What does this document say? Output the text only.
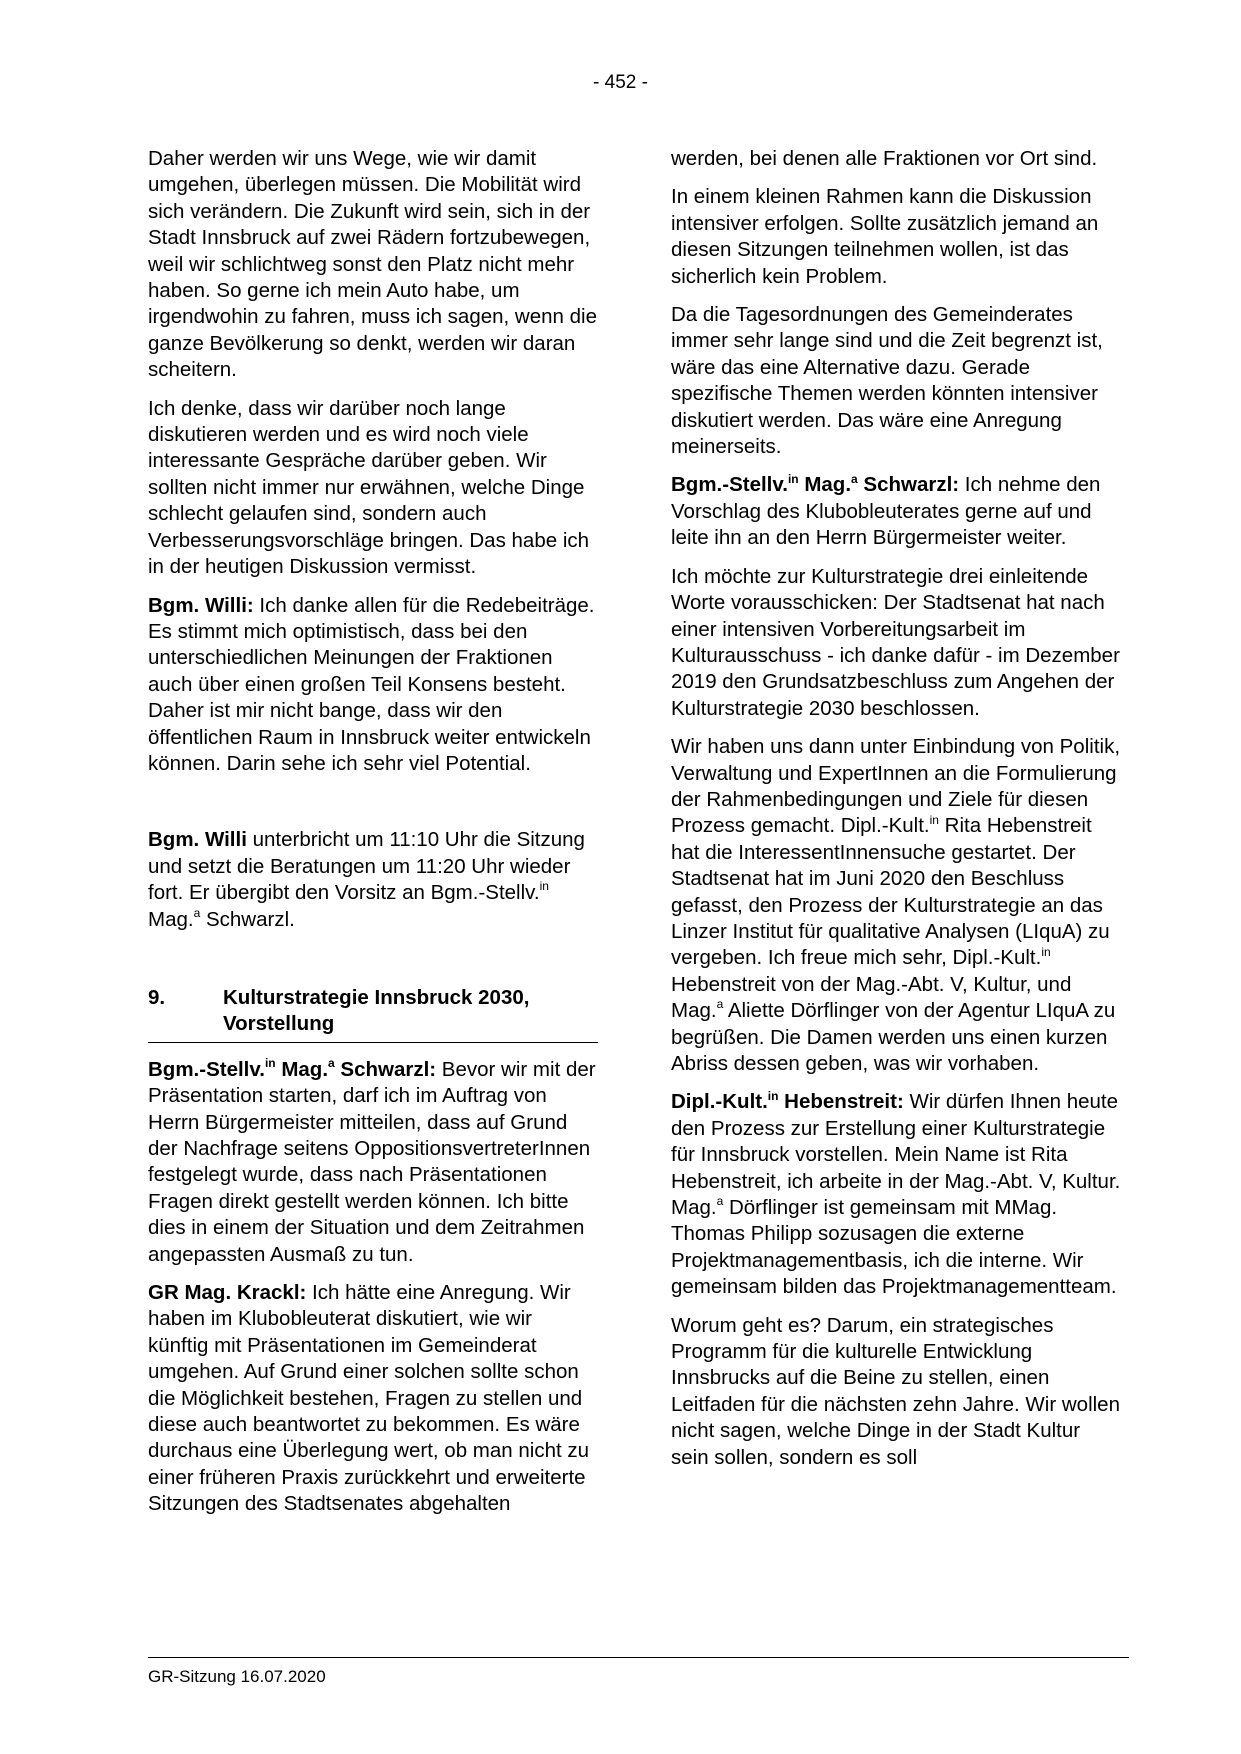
- 452 -

Daher werden wir uns Wege, wie wir damit umgehen, überlegen müssen. Die Mobilität wird sich verändern. Die Zukunft wird sein, sich in der Stadt Innsbruck auf zwei Rädern fortzubewegen, weil wir schlichtweg sonst den Platz nicht mehr haben. So gerne ich mein Auto habe, um irgendwohin zu fahren, muss ich sagen, wenn die ganze Bevölkerung so denkt, werden wir daran scheitern.

Ich denke, dass wir darüber noch lange diskutieren werden und es wird noch viele interessante Gespräche darüber geben. Wir sollten nicht immer nur erwähnen, welche Dinge schlecht gelaufen sind, sondern auch Verbesserungsvorschläge bringen. Das habe ich in der heutigen Diskussion vermisst.

Bgm. Willi: Ich danke allen für die Redebeiträge. Es stimmt mich optimistisch, dass bei den unterschiedlichen Meinungen der Fraktionen auch über einen großen Teil Konsens besteht. Daher ist mir nicht bange, dass wir den öffentlichen Raum in Innsbruck weiter entwickeln können. Darin sehe ich sehr viel Potential.

Bgm. Willi unterbricht um 11:10 Uhr die Sitzung und setzt die Beratungen um 11:20 Uhr wieder fort. Er übergibt den Vorsitz an Bgm.-Stellv.$^{in}$ Mag.$^a$ Schwarzl.

9.	Kulturstrategie Innsbruck 2030, Vorstellung

Bgm.-Stellv.$^{in}$ Mag.$^a$ Schwarzl: Bevor wir mit der Präsentation starten, darf ich im Auftrag von Herrn Bürgermeister mitteilen, dass auf Grund der Nachfrage seitens OppositionsvertreterInnen festgelegt wurde, dass nach Präsentationen Fragen direkt gestellt werden können. Ich bitte dies in einem der Situation und dem Zeitrahmen angepassten Ausmaß zu tun.

GR Mag. Krackl: Ich hätte eine Anregung. Wir haben im Klubobleuterat diskutiert, wie wir künftig mit Präsentationen im Gemeinderat umgehen. Auf Grund einer solchen sollte schon die Möglichkeit bestehen, Fragen zu stellen und diese auch beantwortet zu bekommen. Es wäre durchaus eine Überlegung wert, ob man nicht zu einer früheren Praxis zurückkehrt und erweiterte Sitzungen des Stadtsenates abgehalten

werden, bei denen alle Fraktionen vor Ort sind.

In einem kleinen Rahmen kann die Diskussion intensiver erfolgen. Sollte zusätzlich jemand an diesen Sitzungen teilnehmen wollen, ist das sicherlich kein Problem.

Da die Tagesordnungen des Gemeinderates immer sehr lange sind und die Zeit begrenzt ist, wäre das eine Alternative dazu. Gerade spezifische Themen werden könnten intensiver diskutiert werden. Das wäre eine Anregung meinerseits.

Bgm.-Stellv.$^{in}$ Mag.$^a$ Schwarzl: Ich nehme den Vorschlag des Klubobleuterates gerne auf und leite ihn an den Herrn Bürgermeister weiter.

Ich möchte zur Kulturstrategie drei einleitende Worte vorausschicken: Der Stadtsenat hat nach einer intensiven Vorbereitungsarbeit im Kulturausschuss - ich danke dafür - im Dezember 2019 den Grundsatzbeschluss zum Angehen der Kulturstrategie 2030 beschlossen.

Wir haben uns dann unter Einbindung von Politik, Verwaltung und ExpertInnen an die Formulierung der Rahmenbedingungen und Ziele für diesen Prozess gemacht. Dipl.-Kult.$^{in}$ Rita Hebenstreit hat die InteressentInnensuche gestartet. Der Stadtsenat hat im Juni 2020 den Beschluss gefasst, den Prozess der Kulturstrategie an das Linzer Institut für qualitative Analysen (LIquA) zu vergeben. Ich freue mich sehr, Dipl.-Kult.$^{in}$ Hebenstreit von der Mag.-Abt. V, Kultur, und Mag.$^a$ Aliette Dörflinger von der Agentur LIquA zu begrüßen. Die Damen werden uns einen kurzen Abriss dessen geben, was wir vorhaben.

Dipl.-Kult.$^{in}$ Hebenstreit: Wir dürfen Ihnen heute den Prozess zur Erstellung einer Kulturstrategie für Innsbruck vorstellen. Mein Name ist Rita Hebenstreit, ich arbeite in der Mag.-Abt. V, Kultur. Mag.$^a$ Dörflinger ist gemeinsam mit MMag. Thomas Philipp sozusagen die externe Projektmanagementbasis, ich die interne. Wir gemeinsam bilden das Projektmanagementteam.

Worum geht es? Darum, ein strategisches Programm für die kulturelle Entwicklung Innsbrucks auf die Beine zu stellen, einen Leitfaden für die nächsten zehn Jahre. Wir wollen nicht sagen, welche Dinge in der Stadt Kultur sein sollen, sondern es soll

GR-Sitzung 16.07.2020
